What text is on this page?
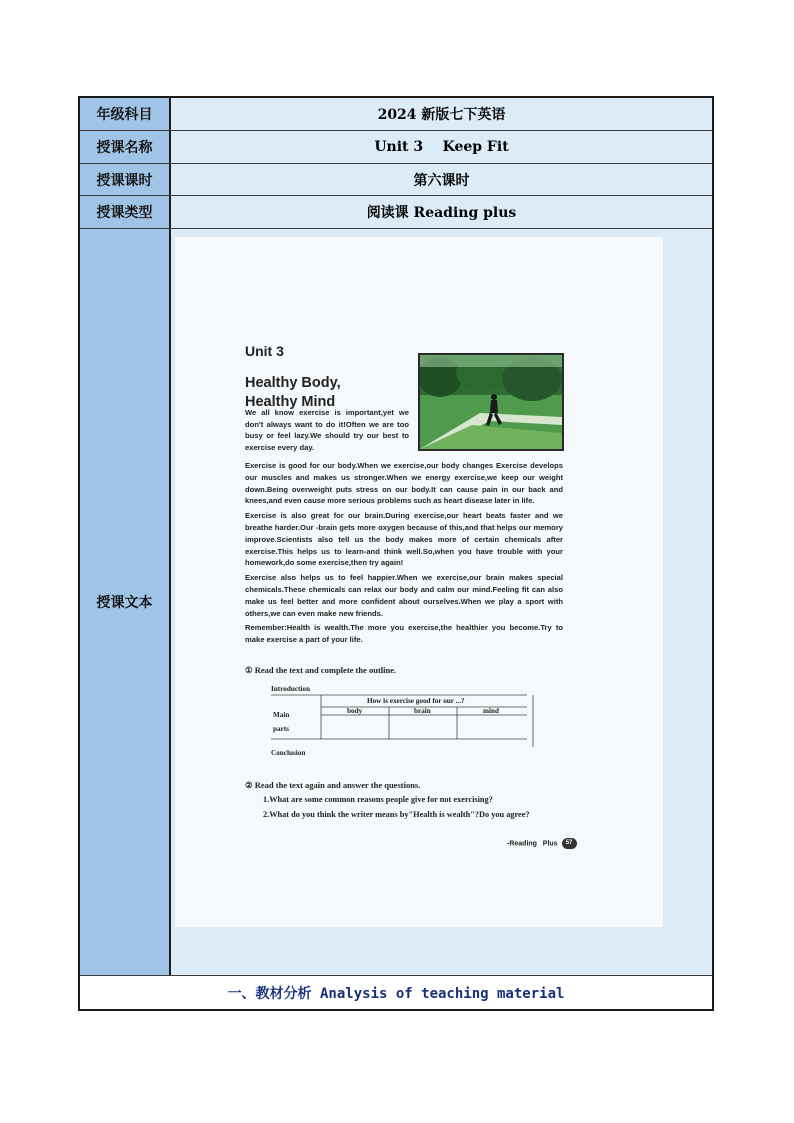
年级科目	2024 新版七下英语
授课名称	Unit 3    Keep Fit
授课课时	第六课时
授课类型	阅读课 Reading plus
授课文本
Unit 3
Healthy Body,
Healthy Mind
We all know exercise is important,yet we don't always want to do it!Often we are too busy or feel lazy.We should try our best to exercise every day.

Exercise is good for our body.When we exercise,our body changes Exercise develops our muscles and makes us stronger.When we energy exercise,we keep our weight down.Being overweight puts stress on our body.It can cause pain in our back and knees,and even cause more serious problems such as heart disease later in life.

Exercise is also great for our brain.During exercise,our heart beats faster and we breathe harder.Our -brain gets more oxygen because of this,and that helps our memory improve.Scientists also tell us the body makes more of certain chemicals after exercise.This helps us to learn-and think well.So,when you have trouble with your homework,do some exercise,then try again!

Exercise also helps us to feel happier.When we exercise,our brain makes special chemicals.These chemicals can relax our body and calm our mind.Feeling fit can also make us feel better and more confident about ourselves.When we play a sport with others,we can even make new friends.

Remember:Health is wealth.The more you exercise,the healthier you become.Try to make exercise a part of your life.

① Read the text and complete the outline.
Introduction
How is exercise good for our ...?
body	brain	mind
Main
parts
Conclusion
② Read the text again and answer the questions.
1.What are some common reasons people give for not exercising?
2.What do you think the writer means by"Health is wealth"?Do you agree?
-Reading   Plus 57
一、教材分析 Analysis of teaching material
